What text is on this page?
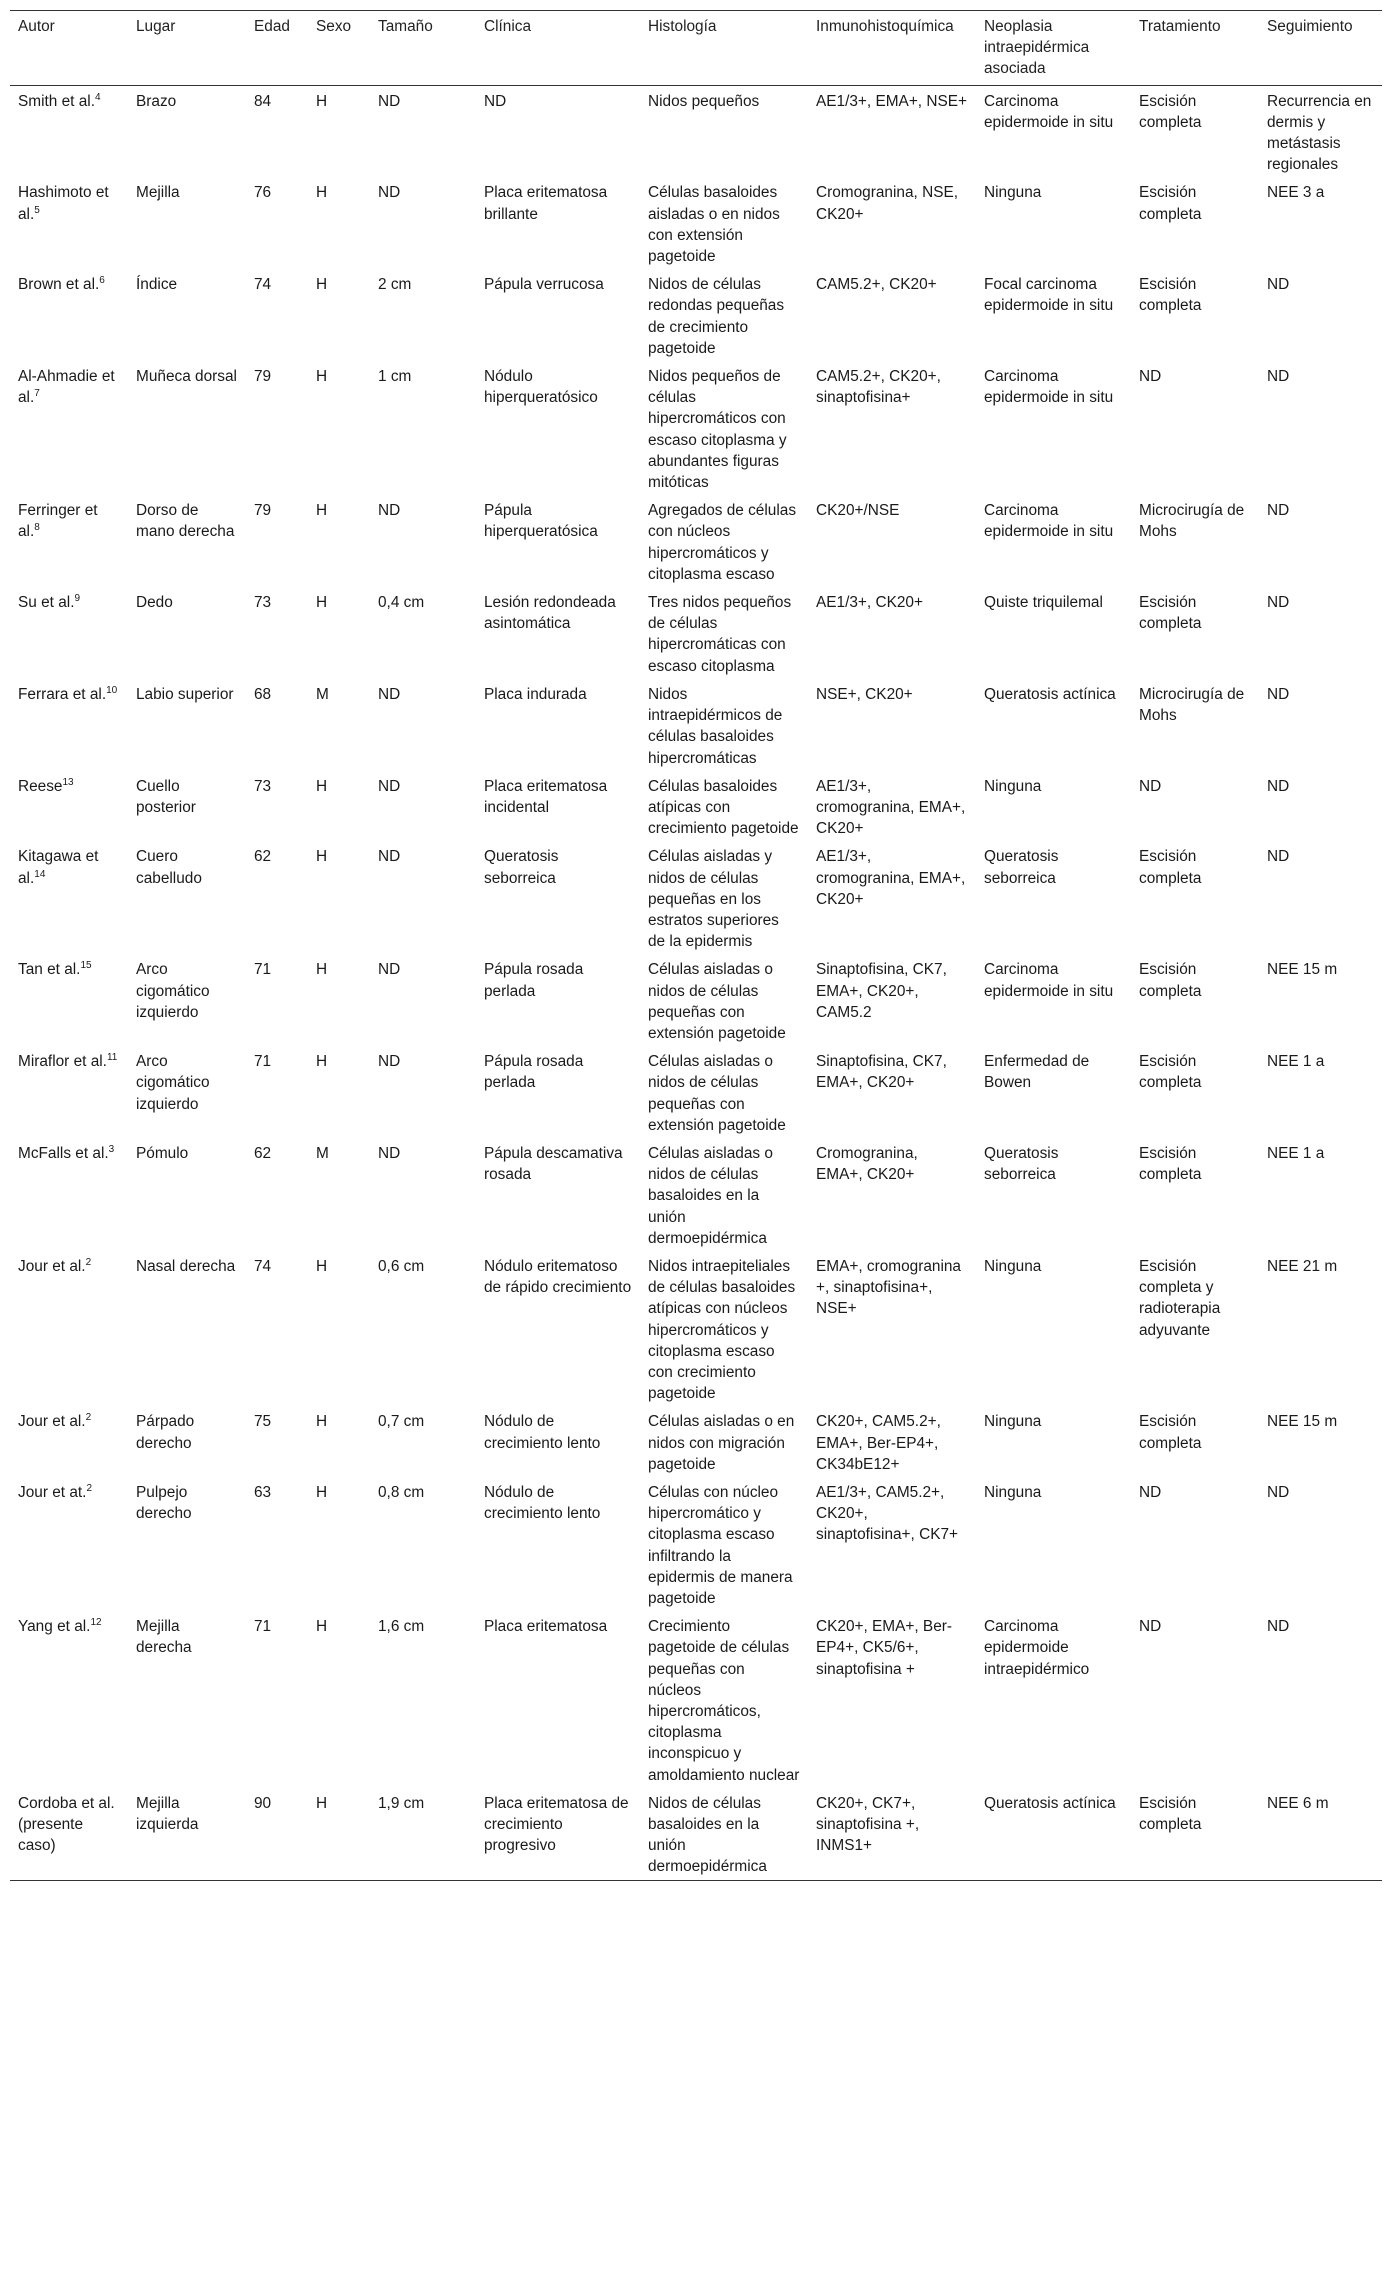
Autor	Lugar	Edad	Sexo	Tamaño	Clínica	Histología	Inmunohistoquímica	Neoplasia intraepidérmica asociada	Tratamiento	Seguimiento
Smith et al.$^4$	Brazo	84	H	ND	ND	Nidos pequeños	AE1/3+, EMA+, NSE+	Carcinoma epidermoide in situ	Escisión completa	Recurrencia en dermis y metástasis regionales
Hashimoto et al.$^5$	Mejilla	76	H	ND	Placa eritematosa brillante	Células basaloides aisladas o en nidos con extensión pagetoide	Cromogranina, NSE, CK20+	Ninguna	Escisión completa	NEE 3 a
Brown et al.$^6$	Índice	74	H	2 cm	Pápula verrucosa	Nidos de células redondas pequeñas de crecimiento pagetoide	CAM5.2+, CK20+	Focal carcinoma epidermoide in situ	Escisión completa	ND
Al-Ahmadie et al.$^7$	Muñeca dorsal	79	H	1 cm	Nódulo hiperqueratósico	Nidos pequeños de células hipercromáticos con escaso citoplasma y abundantes figuras mitóticas	CAM5.2+, CK20+, sinaptofisina+	Carcinoma epidermoide in situ	ND	ND
Ferringer et al.$^8$	Dorso de mano derecha	79	H	ND	Pápula hiperqueratósica	Agregados de células con núcleos hipercromáticos y citoplasma escaso	CK20+/NSE	Carcinoma epidermoide in situ	Microcirugía de Mohs	ND
Su et al.$^9$	Dedo	73	H	0,4 cm	Lesión redondeada asintomática	Tres nidos pequeños de células hipercromáticas con escaso citoplasma	AE1/3+, CK20+	Quiste triquilemal	Escisión completa	ND
Ferrara et al.$^{10}$	Labio superior	68	M	ND	Placa indurada	Nidos intraepidérmicos de células basaloides hipercromáticas	NSE+, CK20+	Queratosis actínica	Microcirugía de Mohs	ND
Reese$^{13}$	Cuello posterior	73	H	ND	Placa eritematosa incidental	Células basaloides atípicas con crecimiento pagetoide	AE1/3+, cromogranina, EMA+, CK20+	Ninguna	ND	ND
Kitagawa et al.$^{14}$	Cuero cabelludo	62	H	ND	Queratosis seborreica	Células aisladas y nidos de células pequeñas en los estratos superiores de la epidermis	AE1/3+, cromogranina, EMA+, CK20+	Queratosis seborreica	Escisión completa	ND
Tan et al.$^{15}$	Arco cigomático izquierdo	71	H	ND	Pápula rosada perlada	Células aisladas o nidos de células pequeñas con extensión pagetoide	Sinaptofisina, CK7, EMA+, CK20+, CAM5.2	Carcinoma epidermoide in situ	Escisión completa	NEE 15 m
Miraflor et al.$^{11}$	Arco cigomático izquierdo	71	H	ND	Pápula rosada perlada	Células aisladas o nidos de células pequeñas con extensión pagetoide	Sinaptofisina, CK7, EMA+, CK20+	Enfermedad de Bowen	Escisión completa	NEE 1 a
McFalls et al.$^3$	Pómulo	62	M	ND	Pápula descamativa rosada	Células aisladas o nidos de células basaloides en la unión dermoepidérmica	Cromogranina, EMA+, CK20+	Queratosis seborreica	Escisión completa	NEE 1 a
Jour et al.$^2$	Nasal derecha	74	H	0,6 cm	Nódulo eritematoso de rápido crecimiento	Nidos intraepiteliales de células basaloides atípicas con núcleos hipercromáticos y citoplasma escaso con crecimiento pagetoide	EMA+, cromogranina +, sinaptofisina+, NSE+	Ninguna	Escisión completa y radioterapia adyuvante	NEE 21 m
Jour et al.$^2$	Párpado derecho	75	H	0,7 cm	Nódulo de crecimiento lento	Células aisladas o en nidos con migración pagetoide	CK20+, CAM5.2+, EMA+, Ber-EP4+, CK34bE12+	Ninguna	Escisión completa	NEE 15 m
Jour et at.$^2$	Pulpejo derecho	63	H	0,8 cm	Nódulo de crecimiento lento	Células con núcleo hipercromático y citoplasma escaso infiltrando la epidermis de manera pagetoide	AE1/3+, CAM5.2+, CK20+, sinaptofisina+, CK7+	Ninguna	ND	ND
Yang et al.$^{12}$	Mejilla derecha	71	H	1,6 cm	Placa eritematosa	Crecimiento pagetoide de células pequeñas con núcleos hipercromáticos, citoplasma inconspicuo y amoldamiento nuclear	CK20+, EMA+, Ber-EP4+, CK5/6+, sinaptofisina +	Carcinoma epidermoide intraepidérmico	ND	ND
Cordoba et al. (presente caso)	Mejilla izquierda	90	H	1,9 cm	Placa eritematosa de crecimiento progresivo	Nidos de células basaloides en la unión dermoepidérmica	CK20+, CK7+, sinaptofisina +, INMS1+	Queratosis actínica	Escisión completa	NEE 6 m
